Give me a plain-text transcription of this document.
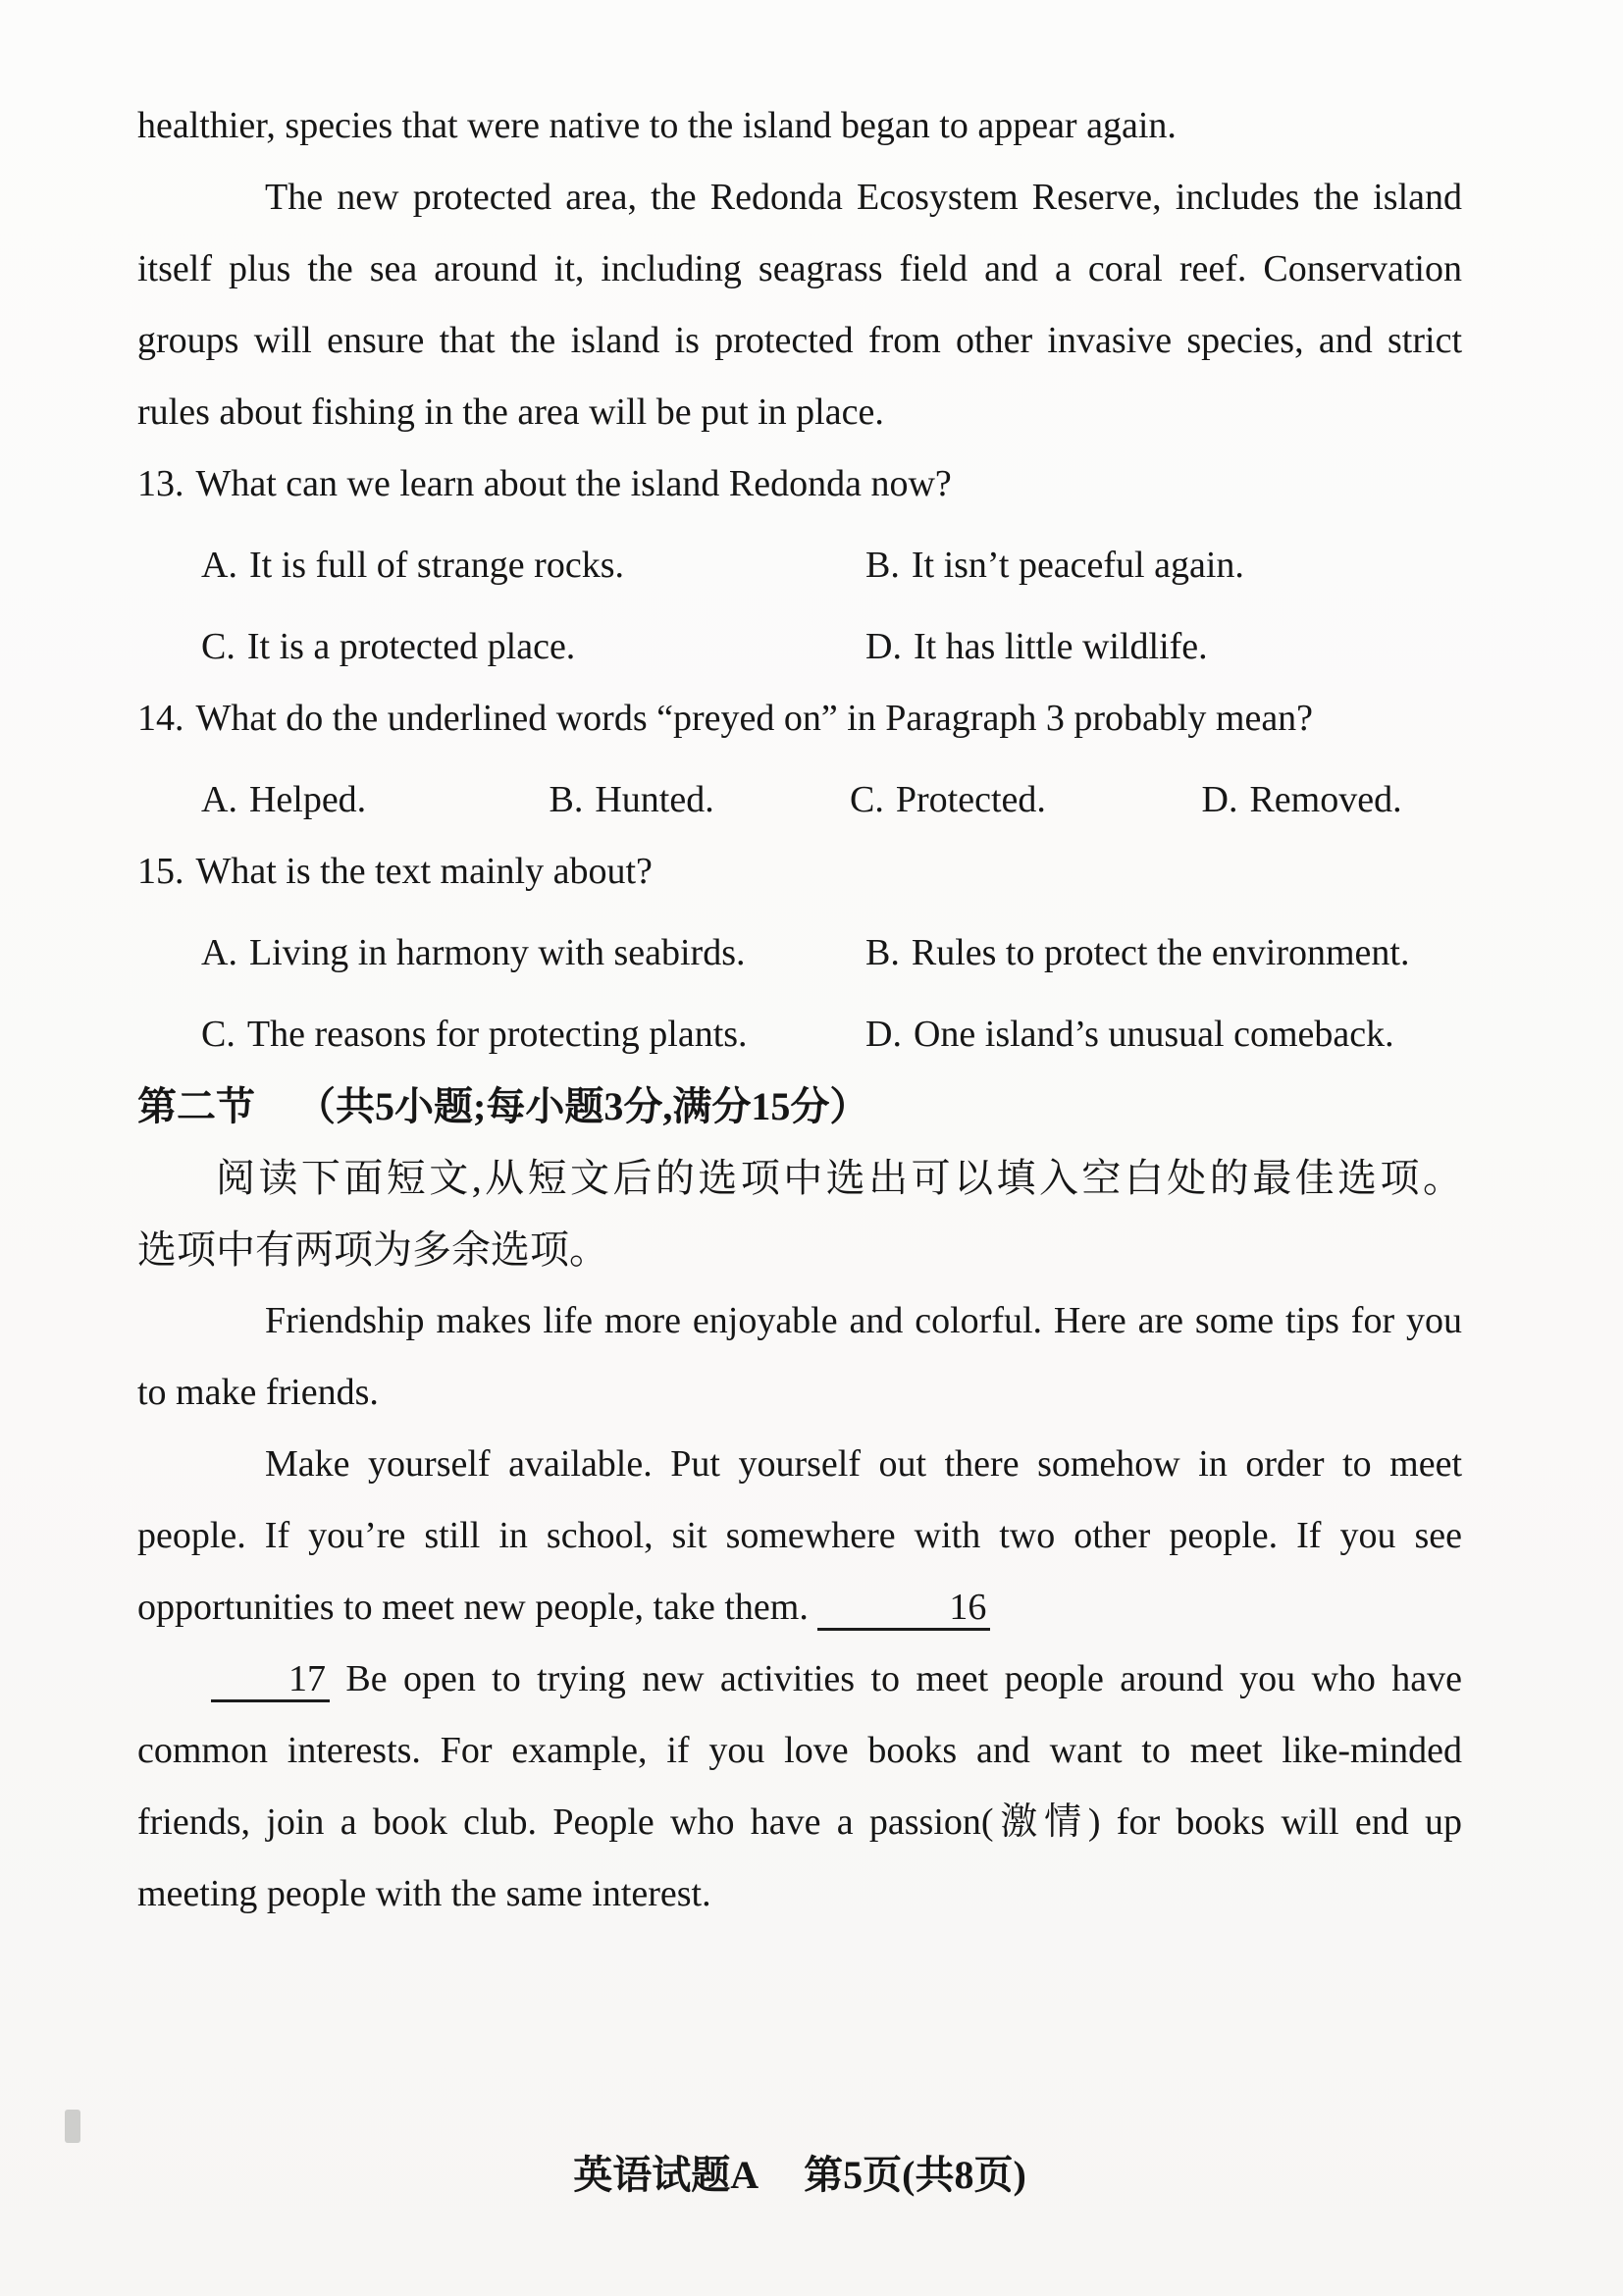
healthier, species that were native to the island began to appear again.

The new protected area, the Redonda Ecosystem Reserve, includes the island itself plus the sea around it, including seagrass field and a coral reef. Conservation groups will ensure that the island is protected from other invasive species, and strict rules about fishing in the area will be put in place.

13. What can we learn about the island Redonda now?

A. It is full of strange rocks.	B. It isn’t peaceful again.
C. It is a protected place.	D. It has little wildlife.

14. What do the underlined words “preyed on” in Paragraph 3 probably mean?

A. Helped.	B. Hunted.	C. Protected.	D. Removed.

15. What is the text mainly about?

A. Living in harmony with seabirds.	B. Rules to protect the environment.
C. The reasons for protecting plants.	D. One island’s unusual comeback.

第二节 （共5小题;每小题3分,满分15分）

阅读下面短文,从短文后的选项中选出可以填入空白处的最佳选项。

选项中有两项为多余选项。

Friendship makes life more enjoyable and colorful. Here are some tips for you to make friends.

Make yourself available. Put yourself out there somehow in order to meet people. If you’re still in school, sit somewhere with two other people. If you see opportunities to meet new people, take them.	16

17 Be open to trying new activities to meet people around you who have common interests. For example, if you love books and want to meet like-minded friends, join a book club. People who have a passion(激情) for books will end up meeting people with the same interest.

英语试题A 第5页(共8页)
